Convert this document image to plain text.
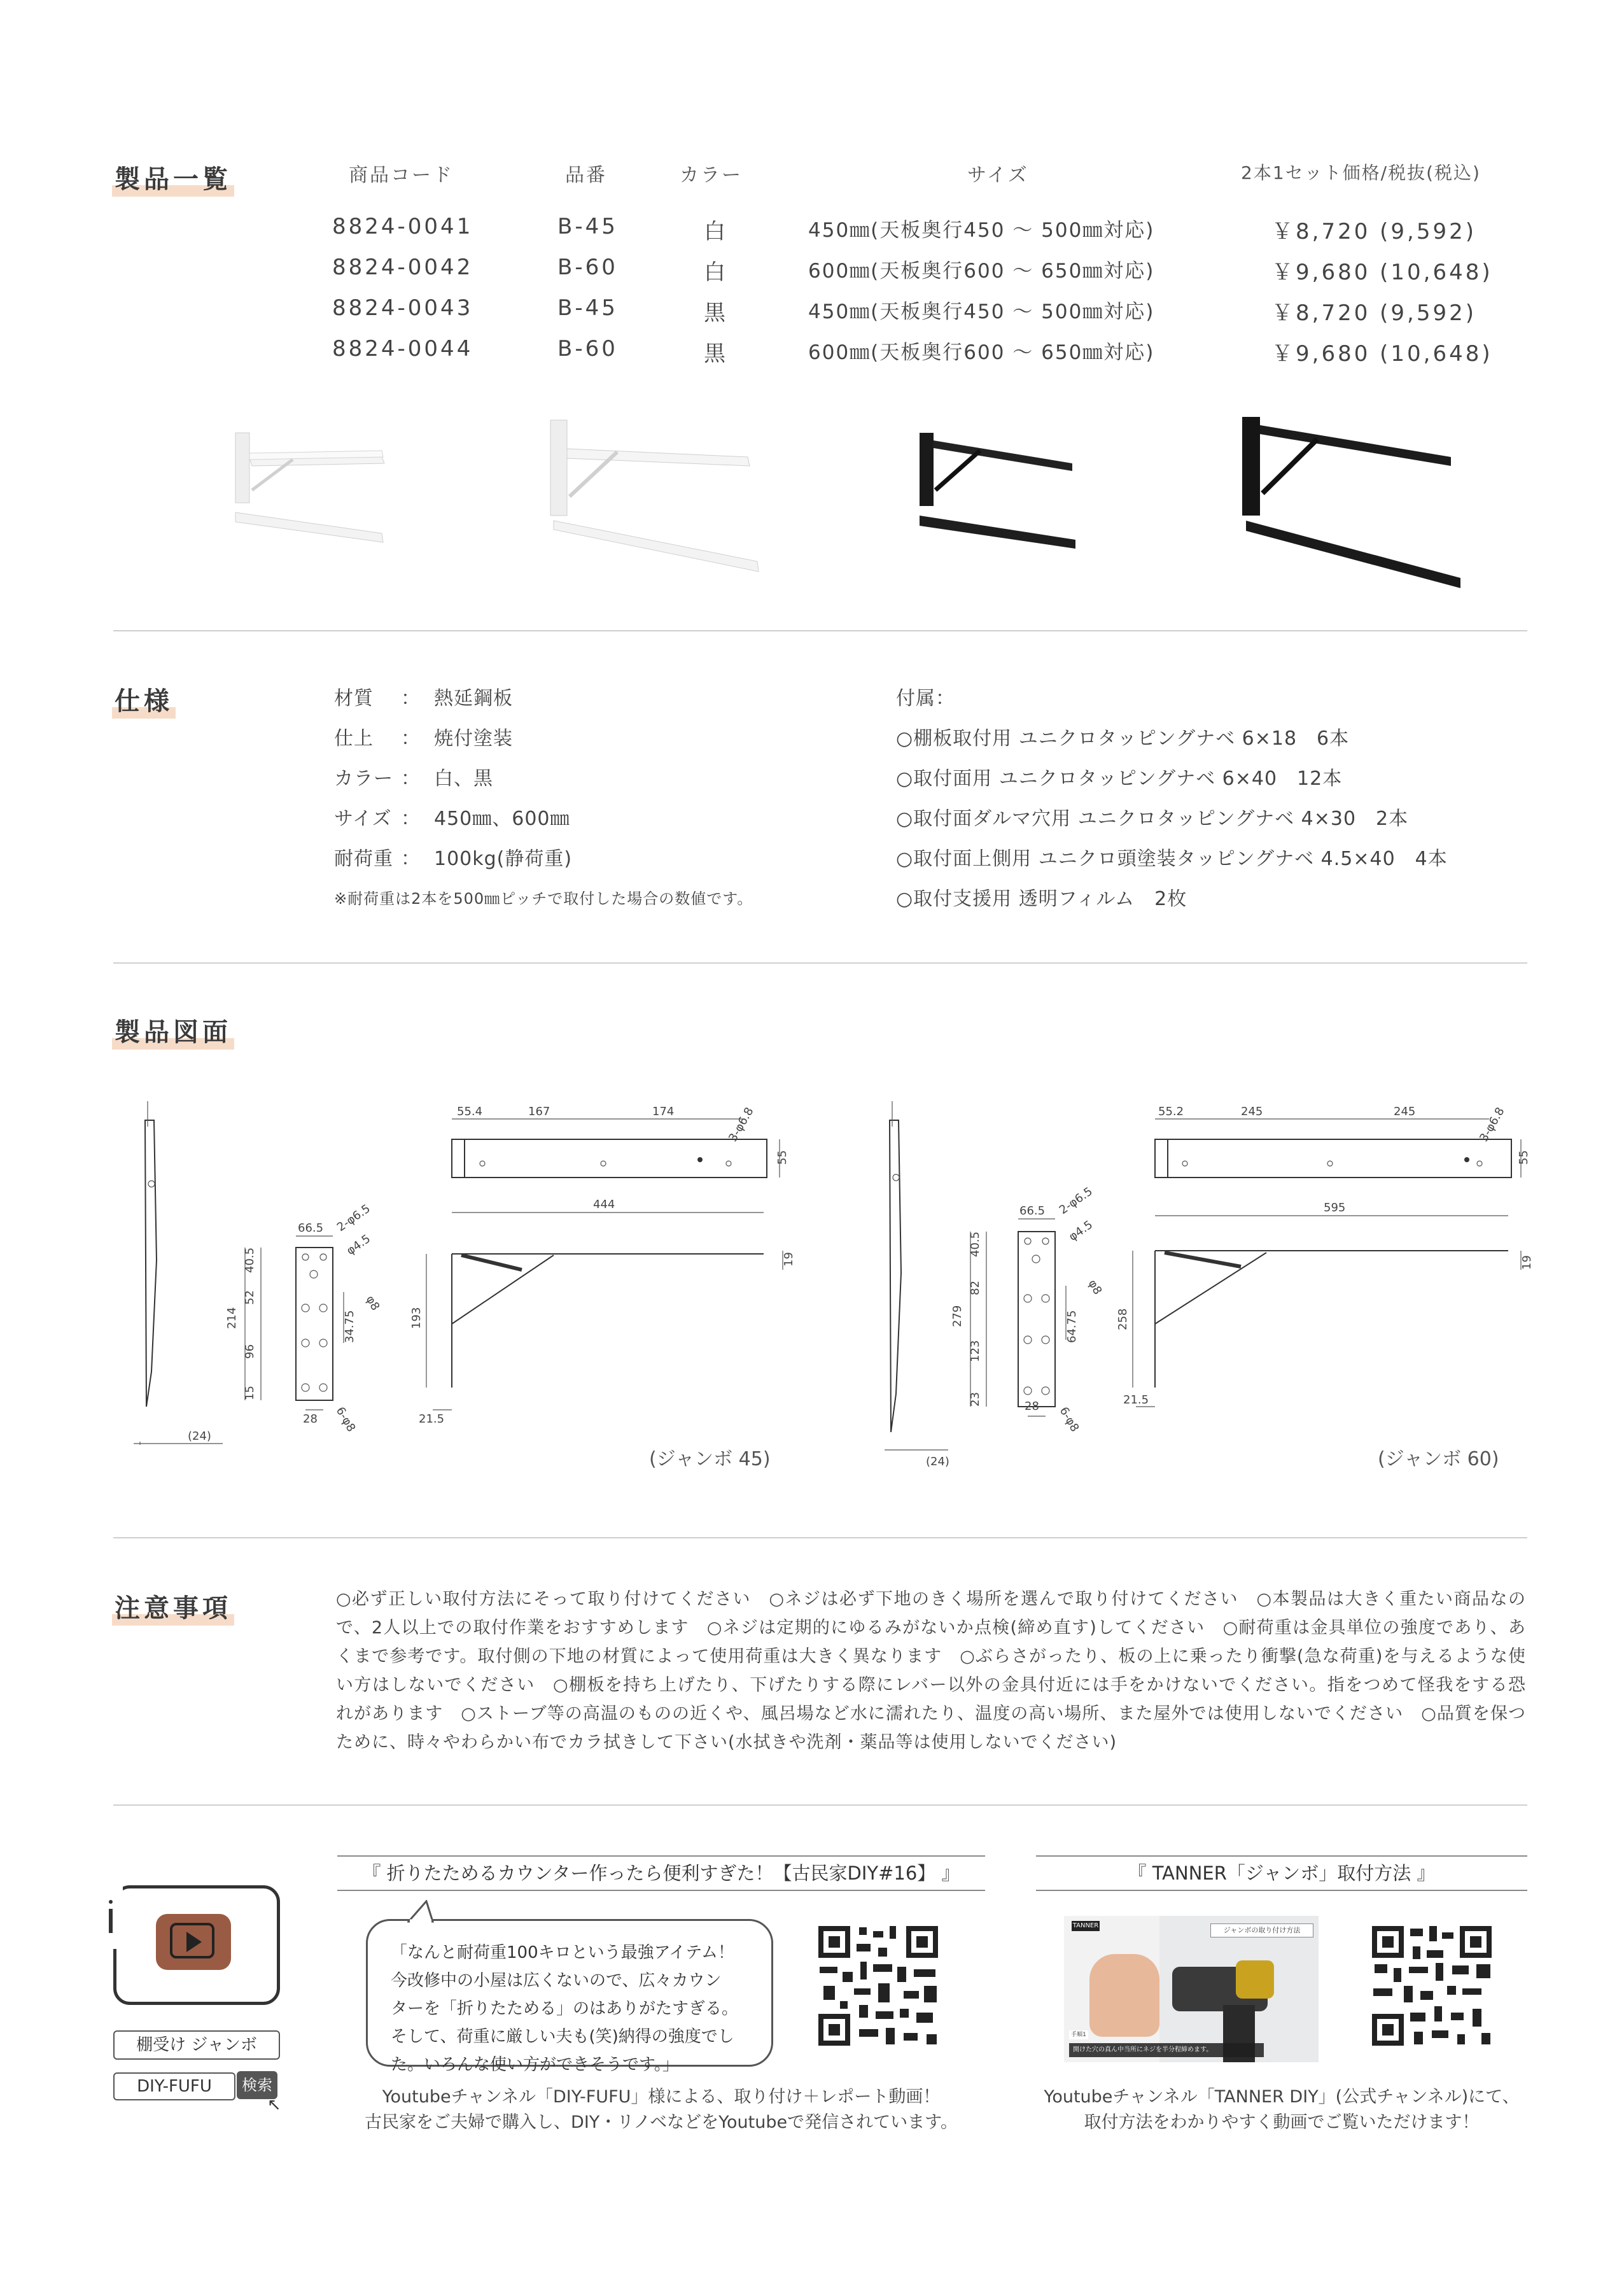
製品一覧	商品コード	品番	カラー	サイズ	2本1セット価格/税抜(税込)
8824-0041	B-45	白	450㎜(天板奥行450 ～ 500㎜対応)	￥8,720 (9,592)
8824-0042	B-60	白	600㎜(天板奥行600 ～ 650㎜対応)	￥9,680 (10,648)
8824-0043	B-45	黒	450㎜(天板奥行450 ～ 500㎜対応)	￥8,720 (9,592)
8824-0044	B-60	黒	600㎜(天板奥行600 ～ 650㎜対応)	￥9,680 (10,648)
仕様	材質 ： 熱延鋼板
仕上 ： 焼付塗装
カラー ： 白、黒
サイズ ： 450㎜、600㎜
耐荷重 ： 100kg(静荷重)
※耐荷重は2本を500㎜ピッチで取付した場合の数値です。
付属：
○棚板取付用 ユニクロタッピングナベ 6×18　6本
○取付面用 ユニクロタッピングナベ 6×40　12本
○取付面ダルマ穴用 ユニクロタッピングナベ 4×30　2本
○取付面上側用 ユニクロ頭塗装タッピングナベ 4.5×40　4本
○取付支援用 透明フィルム　2枚
製品図面
(24)
66.5 2-φ6.5
φ4.5
φ8
214
40.5
52
96
15
34.75
28 6-φ8
55.4	167	174	3-φ6.8
55
444
19
193
21.5
(ジャンボ 45)	(24)
66.5 2-φ6.5
φ4.5
φ8
279
40.5
82
123
23
64.75
28 6-φ8
55.2	245	245	3-φ6.8
55
595
19
258
21.5
(ジャンボ 60)
注意事項	○必ず正しい取付方法にそって取り付けてください　○ネジは必ず下地のきく場所を選んで取り付けてください　○本製品は大きく重たい商品なので、2人以上での取付作業をおすすめします　○ネジは定期的にゆるみがないか点検(締め直す)してください　○耐荷重は金具単位の強度であり、あくまで参考です。取付側の下地の材質によって使用荷重は大きく異なります　○ぶらさがったり、板の上に乗ったり衝撃(急な荷重)を与えるような使い方はしないでください　○棚板を持ち上げたり、下げたりする際にレバー以外の金具付近には手をかけないでください。指をつめて怪我をする恐れがあります　○ストーブ等の高温のものの近くや、風呂場など水に濡れたり、温度の高い場所、また屋外では使用しないでください　○品質を保つために、時々やわらかい布でカラ拭きして下さい(水拭きや洗剤・薬品等は使用しないでください)
棚受け ジャンボ
DIY-FUFU	検索
↖
『 折りたためるカウンター作ったら便利すぎた！【古民家DIY#16】 』
「なんと耐荷重100キロという最強アイテム！
今改修中の小屋は広くないので、広々カウン
ターを「折りたためる」のはありがたすぎる。
そして、荷重に厳しい夫も(笑)納得の強度でし
た。いろんな使い方ができそうです。」
Youtubeチャンネル「DIY-FUFU」様による、取り付け＋レポート動画！
古民家をご夫婦で購入し、DIY・リノベなどをYoutubeで発信されています。
『 TANNER「ジャンボ」取付方法 』
TANNER
ジャンボの取り付け方法
手順1
開けた穴の真ん中当所にネジを半分程締めます。
Youtubeチャンネル「TANNER DIY」(公式チャンネル)にて、
取付方法をわかりやすく動画でご覧いただけます！
